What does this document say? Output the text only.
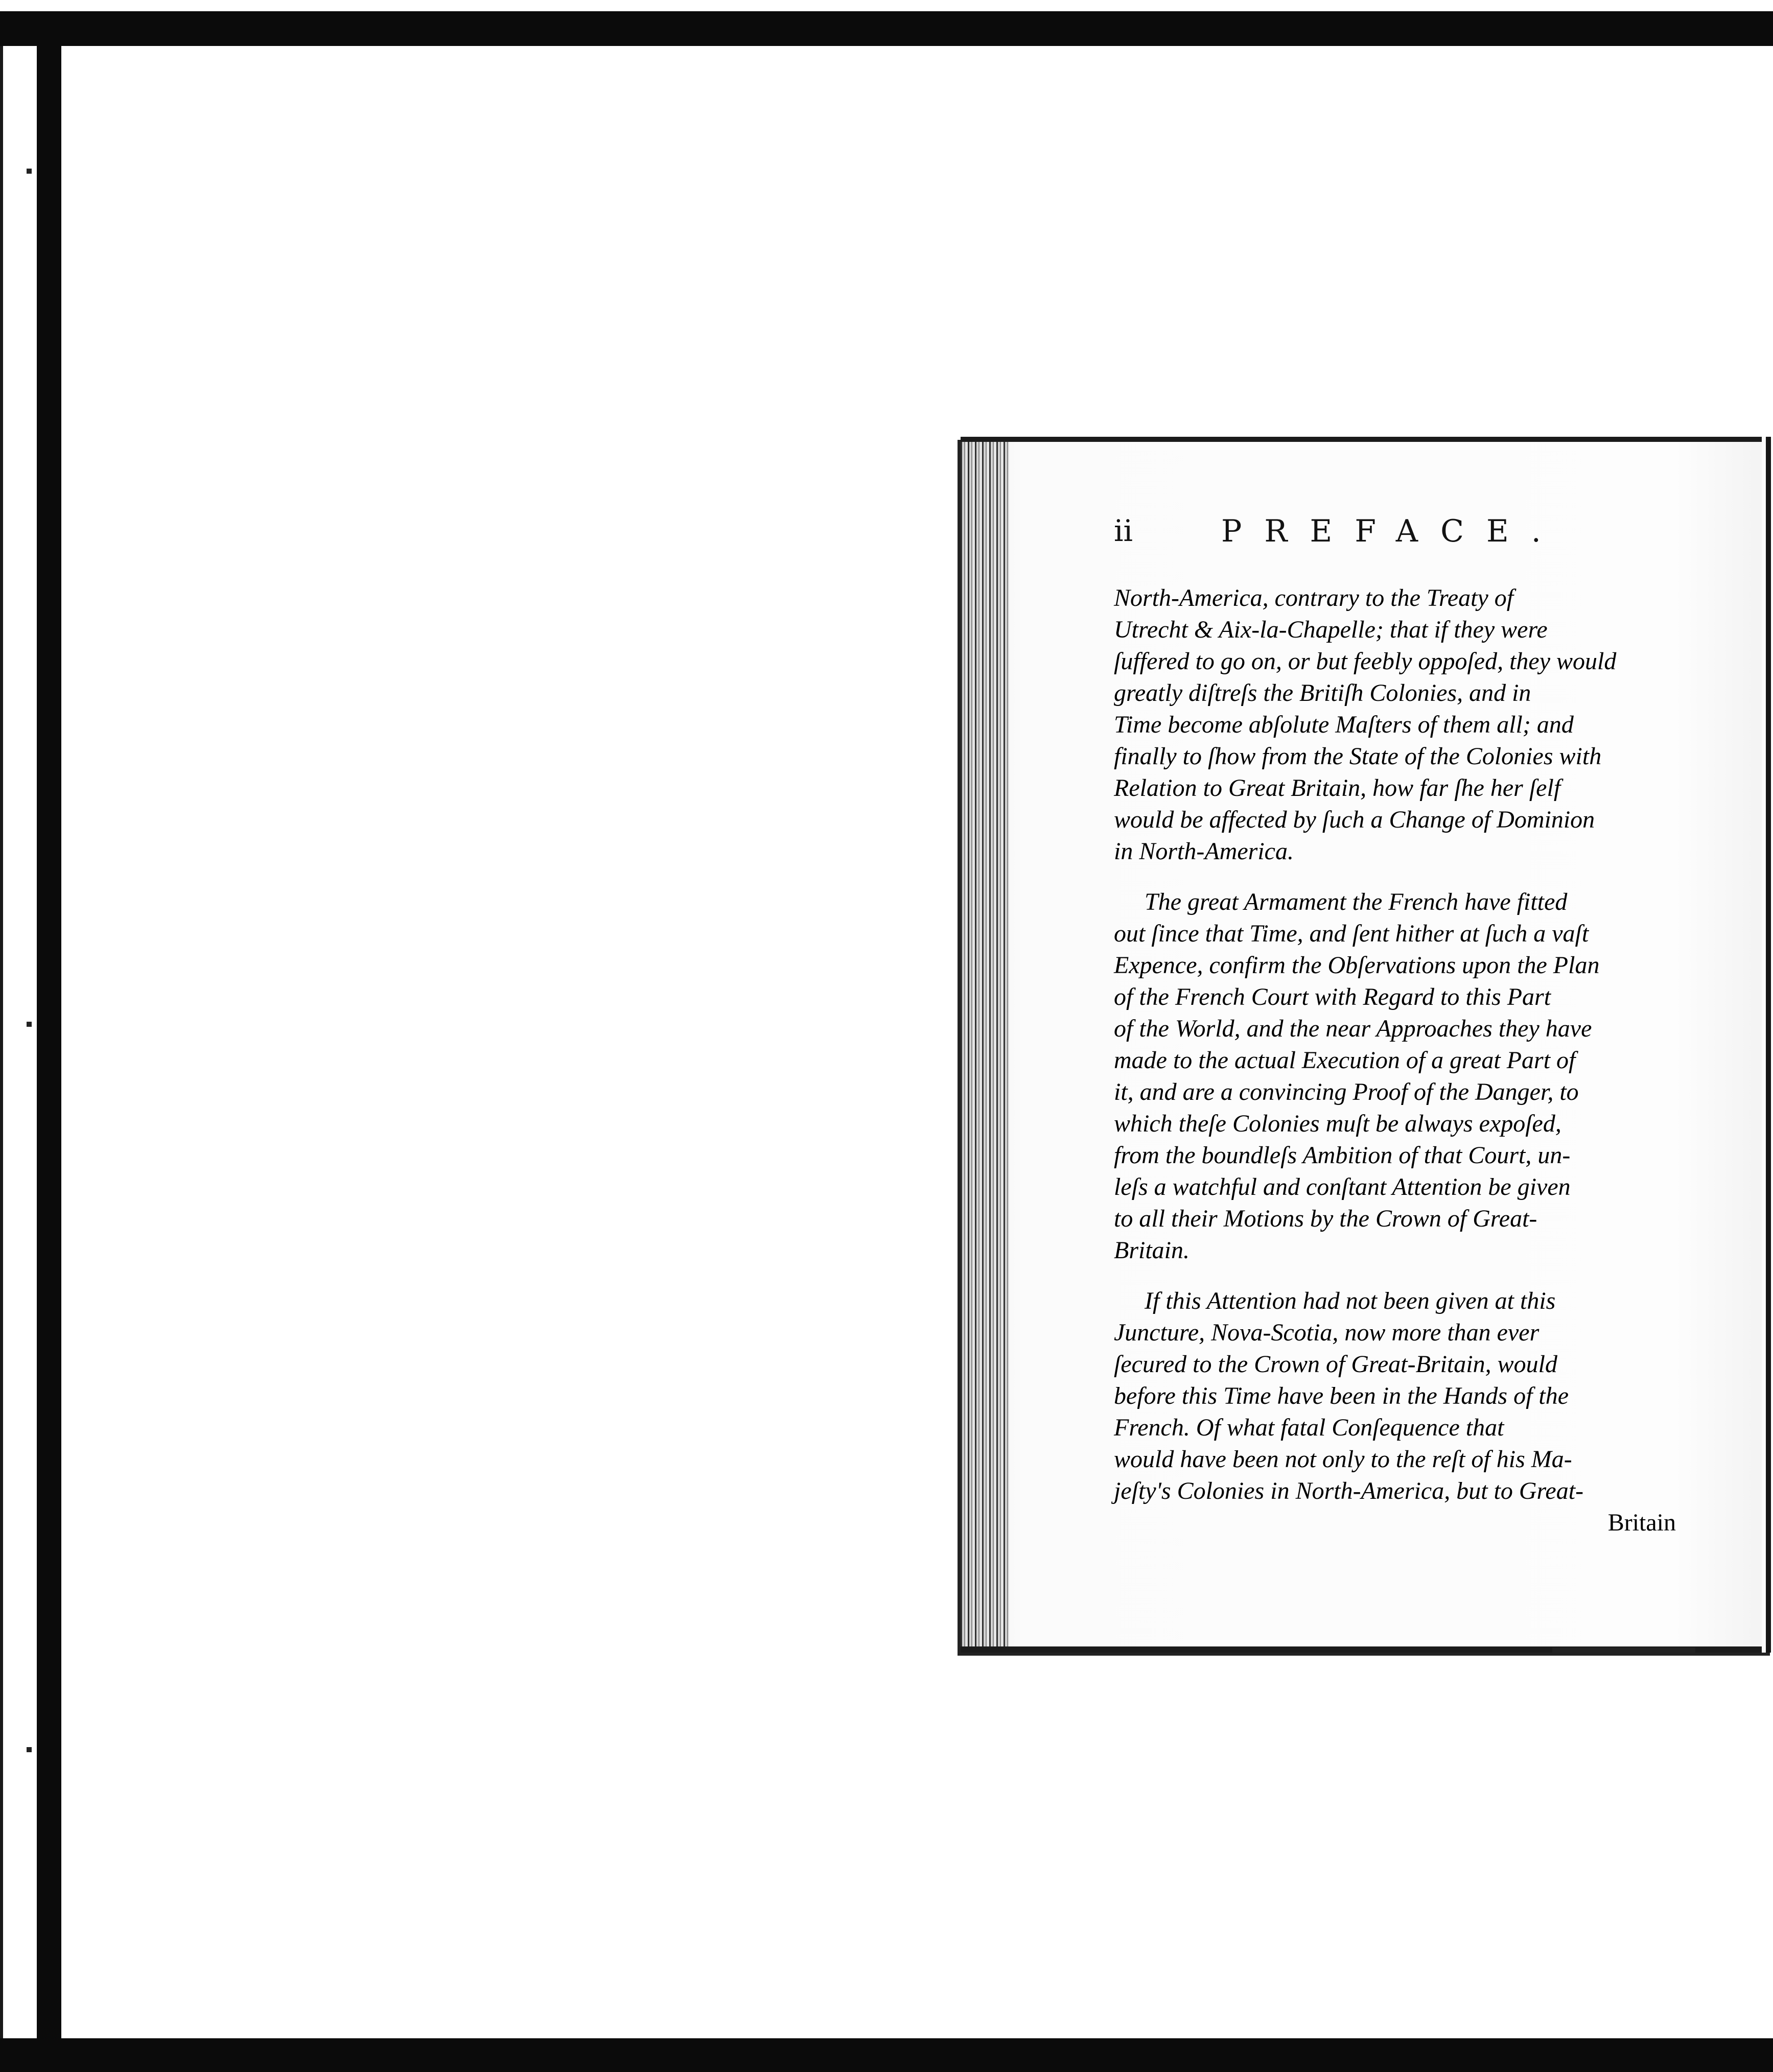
ii	PREFACE.
North-America, contrary to the Treaty of
Utrecht & Aix-la-Chapelle; that if they were
ſuffered to go on, or but feebly oppoſed, they would
greatly diſtreſs the Britiſh Colonies, and in
Time become abſolute Maſters of them all; and
finally to ſhow from the State of the Colonies with
Relation to Great Britain, how far ſhe her ſelf
would be affected by ſuch a Change of Dominion
in North-America.
The great Armament the French have fitted
out ſince that Time, and ſent hither at ſuch a vaſt
Expence, confirm the Obſervations upon the Plan
of the French Court with Regard to this Part
of the World, and the near Approaches they have
made to the actual Execution of a great Part of
it, and are a convincing Proof of the Danger, to
which theſe Colonies muſt be always expoſed,
from the boundleſs Ambition of that Court, un-
leſs a watchful and conſtant Attention be given
to all their Motions by the Crown of Great-
Britain.
If this Attention had not been given at this
Juncture, Nova-Scotia, now more than ever
ſecured to the Crown of Great-Britain, would
before this Time have been in the Hands of the
French. Of what fatal Conſequence that
would have been not only to the reſt of his Ma-
jeſty's Colonies in North-America, but to Great-
Britain
